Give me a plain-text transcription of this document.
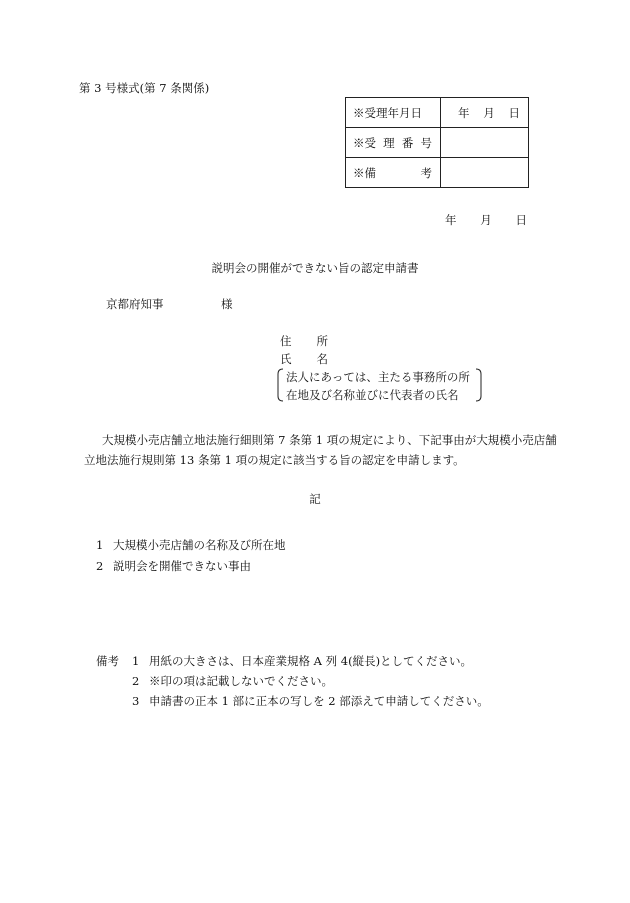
第 3 号様式(第 7 条関係)
※受理年月日	年 月 日

※受 理 番 号	

※備 考	

年 月 日
説明会の開催ができない旨の認定申請書
京都府知事	様
住 所
氏 名
法人にあっては、主たる事務所の所
在地及び名称並びに代表者の氏名
大規模小売店舗立地法施行細則第 7 条第 1 項の規定により、下記事由が大規模小売店舗立地法施行規則第 13 条第 1 項の規定に該当する旨の認定を申請します。
記
1 大規模小売店舗の名称及び所在地
2 説明会を開催できない事由
備考	1 用紙の大きさは、日本産業規格 A 列 4(縦長)としてください。
2 ※印の項は記載しないでください。
3 申請書の正本 1 部に正本の写しを 2 部添えて申請してください。
